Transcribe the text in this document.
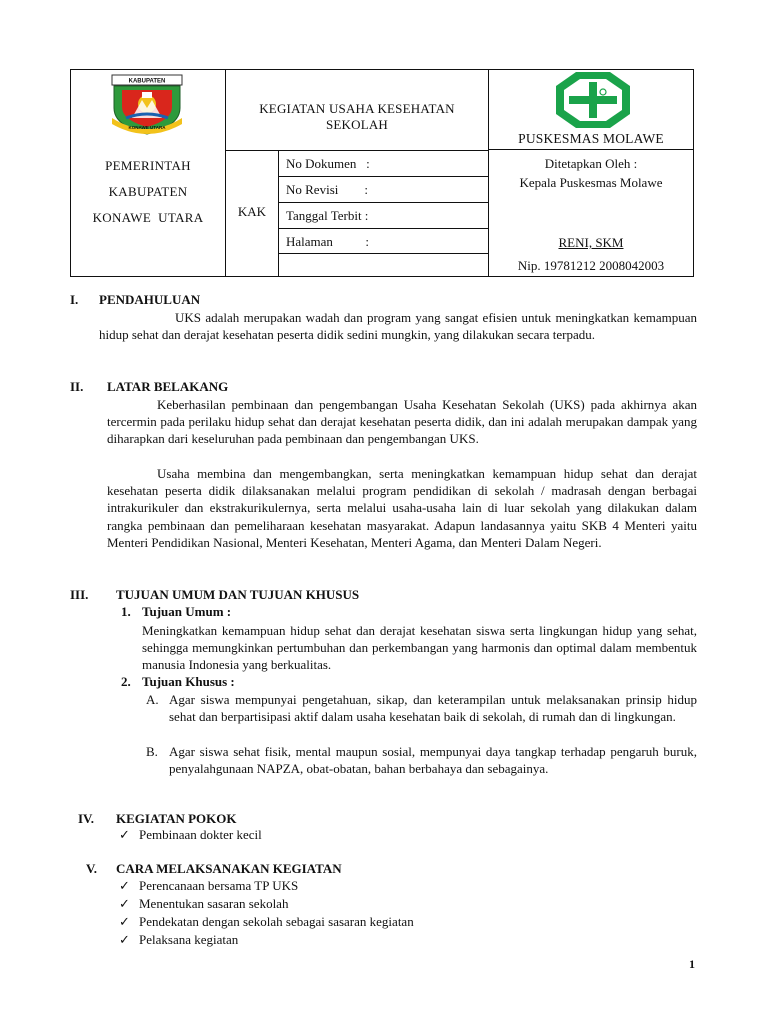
KABUPATEN
KONAWE UTARA
KEGIATAN USAHA KESEHATAN
SEKOLAH
PUSKESMAS MOLAWE
PEMERINTAH
KABUPATEN
KONAWE  UTARA	KAK
No Dokumen   :
No Revisi        :
Tanggal Terbit :
Halaman          :
Ditetapkan Oleh :
Kepala Puskesmas Molawe
RENI, SKM
Nip. 19781212 2008042003
I. PENDAHULUAN
UKS adalah merupakan wadah dan program yang sangat efisien untuk meningkatkan kemampuan hidup sehat dan derajat kesehatan peserta didik sedini mungkin, yang dilakukan secara terpadu.
II. LATAR BELAKANG
Keberhasilan pembinaan dan pengembangan Usaha Kesehatan Sekolah (UKS) pada akhirnya akan tercermin pada perilaku hidup sehat dan derajat kesehatan peserta didik, dan ini adalah merupakan dampak yang diharapkan dari keseluruhan pada pembinaan dan pengembangan UKS.
Usaha membina dan mengembangkan, serta meningkatkan kemampuan hidup sehat dan derajat kesehatan peserta didik dilaksanakan melalui program pendidikan di sekolah / madrasah dengan berbagai intrakurikuler dan ekstrakurikulernya, serta melalui usaha-usaha lain di luar sekolah yang dilakukan dalam rangka pembinaan dan pemeliharaan kesehatan masyarakat. Adapun landasannya yaitu SKB 4 Menteri yaitu Menteri Pendidikan Nasional, Menteri Kesehatan, Menteri Agama, dan Menteri Dalam Negeri.
III. TUJUAN UMUM DAN TUJUAN KHUSUS
1. Tujuan Umum :
Meningkatkan kemampuan hidup sehat dan derajat kesehatan siswa serta lingkungan hidup yang sehat, sehingga memungkinkan pertumbuhan dan perkembangan yang harmonis dan optimal dalam membentuk manusia Indonesia yang berkualitas.
2. Tujuan Khusus :
A. Agar siswa mempunyai pengetahuan, sikap, dan keterampilan untuk melaksanakan prinsip hidup sehat dan berpartisipasi aktif dalam usaha kesehatan baik di sekolah, di rumah dan di lingkungan.
B. Agar siswa sehat fisik, mental maupun sosial, mempunyai daya tangkap terhadap pengaruh buruk, penyalahgunaan NAPZA, obat-obatan, bahan berbahaya dan sebagainya.
IV. KEGIATAN POKOK
✓ Pembinaan dokter kecil
V. CARA MELAKSANAKAN KEGIATAN
✓ Perencanaan bersama TP UKS
✓ Menentukan sasaran sekolah
✓ Pendekatan dengan sekolah sebagai sasaran kegiatan
✓ Pelaksana kegiatan
1
